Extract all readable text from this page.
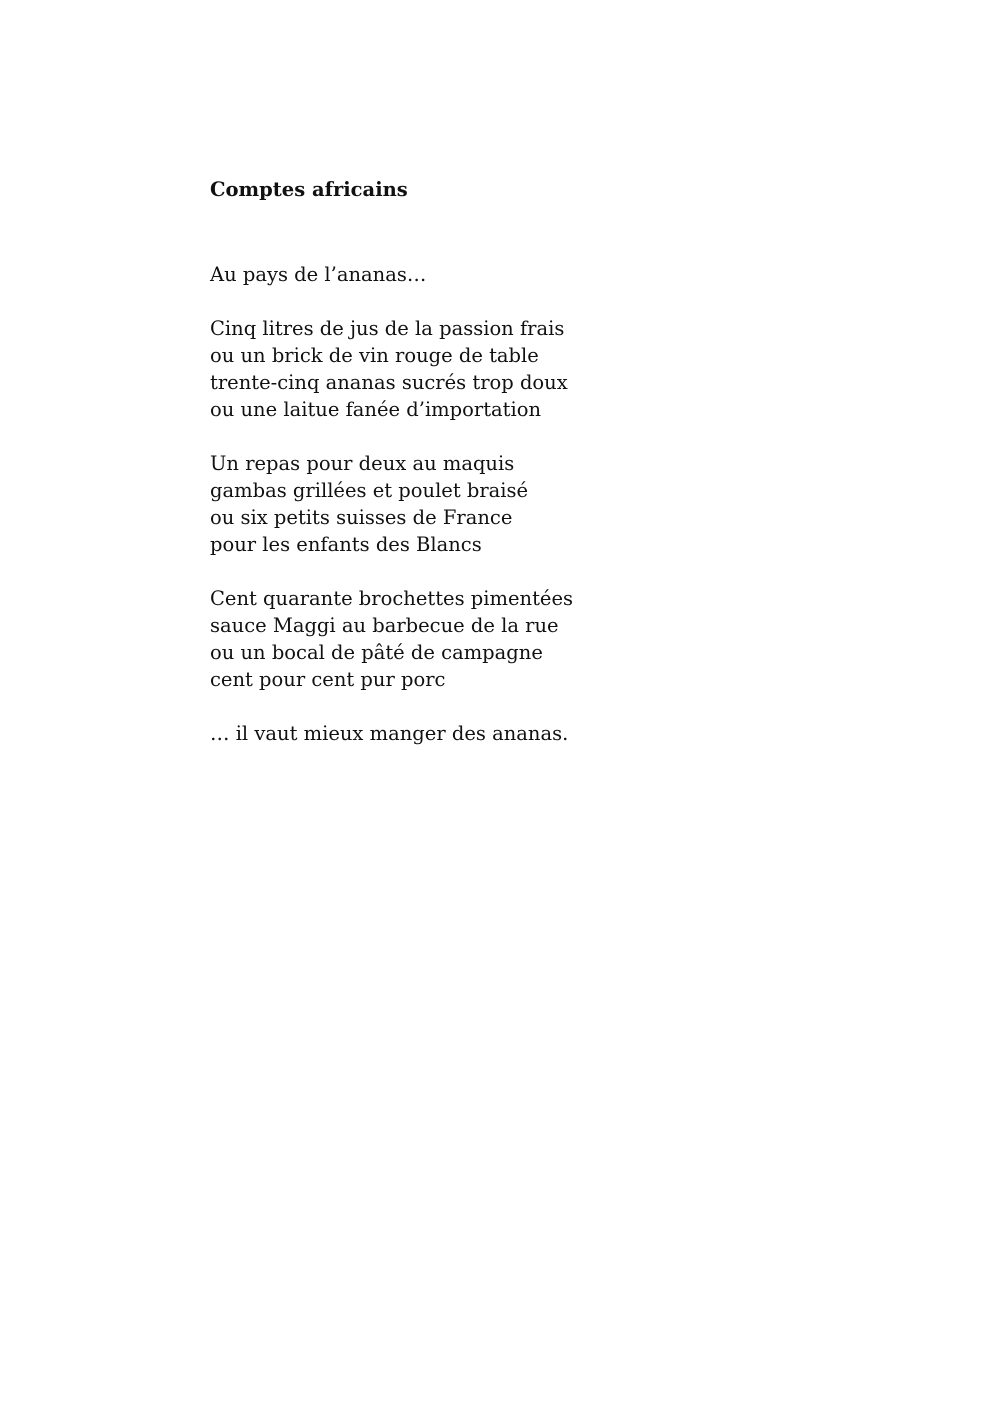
Comptes africains
Au pays de l’ananas…
Cinq litres de jus de la passion frais
ou un brick de vin rouge de table
trente-cinq ananas sucrés trop doux
ou une laitue fanée d’importation
Un repas pour deux au maquis
gambas grillées et poulet braisé
ou six petits suisses de France
pour les enfants des Blancs
Cent quarante brochettes pimentées
sauce Maggi au barbecue de la rue
ou un bocal de pâté de campagne
cent pour cent pur porc
… il vaut mieux manger des ananas.
